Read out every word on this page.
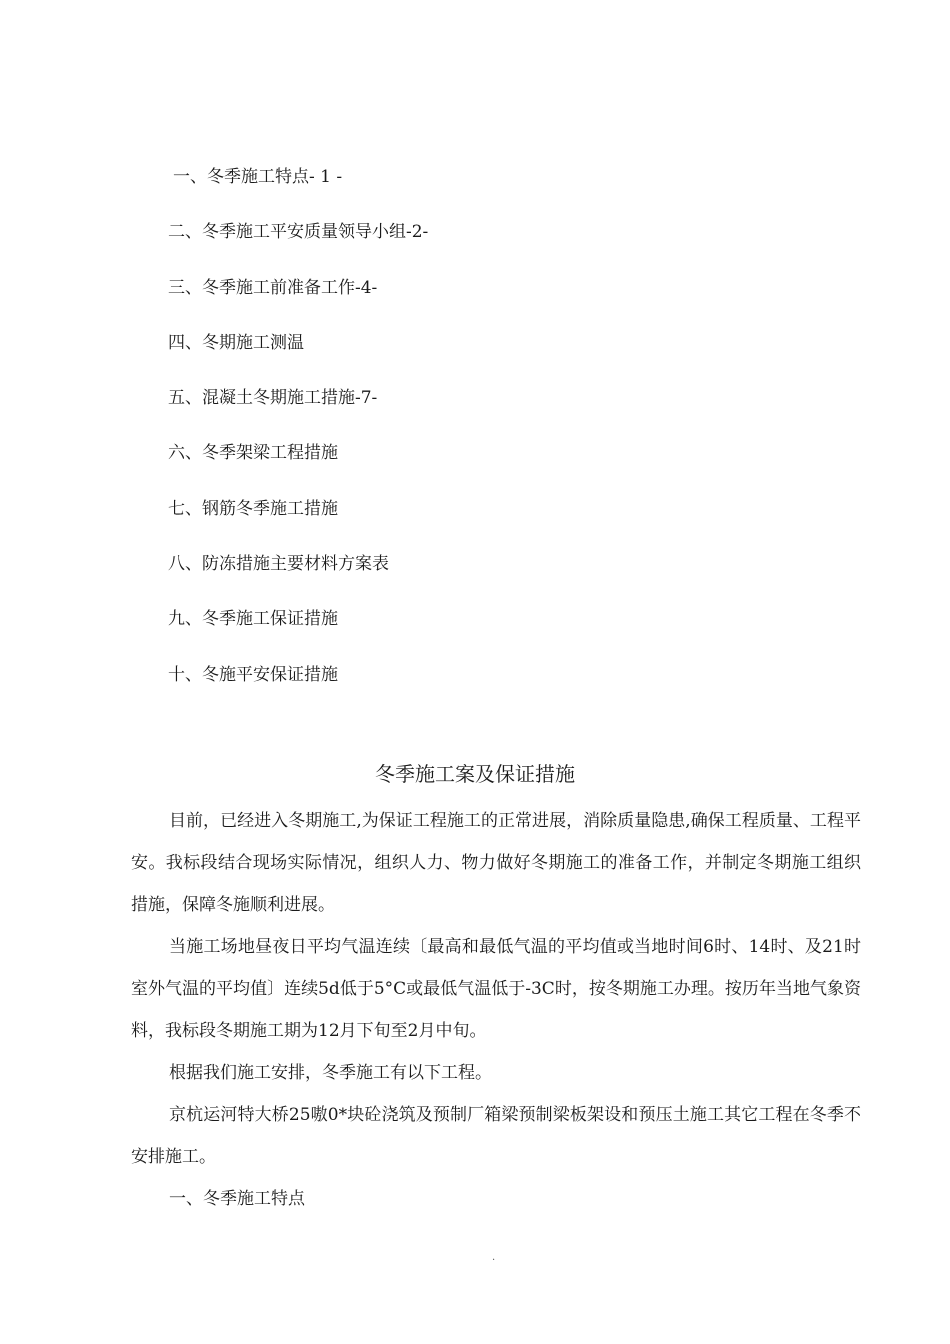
一、冬季施工特点- 1 -
二、冬季施工平安质量领导小组-2-
三、冬季施工前准备工作-4-
四、冬期施工测温
五、混凝土冬期施工措施-7-
六、冬季架梁工程措施
七、钢筋冬季施工措施
八、防冻措施主要材料方案表
九、冬季施工保证措施
十、冬施平安保证措施
冬季施工案及保证措施

目前，已经进入冬期施工,为保证工程施工的正常进展，消除质量隐患,确保工程质量、工程平安。我标段结合现场实际情况，组织人力、物力做好冬期施工的准备工作，并制定冬期施工组织措施，保障冬施顺利进展。

当施工场地昼夜日平均气温连续〔最高和最低气温的平均值或当地时间6时、14时、及21时室外气温的平均值〕连续5d低于5°C或最低气温低于-3C时，按冬期施工办理。按历年当地气象资料，我标段冬期施工期为12月下旬至2月中旬。

根据我们施工安排，冬季施工有以下工程。

京杭运河特大桥25嗷0*块砼浇筑及预制厂箱梁预制梁板架设和预压土施工其它工程在冬季不安排施工。

一、冬季施工特点

.
